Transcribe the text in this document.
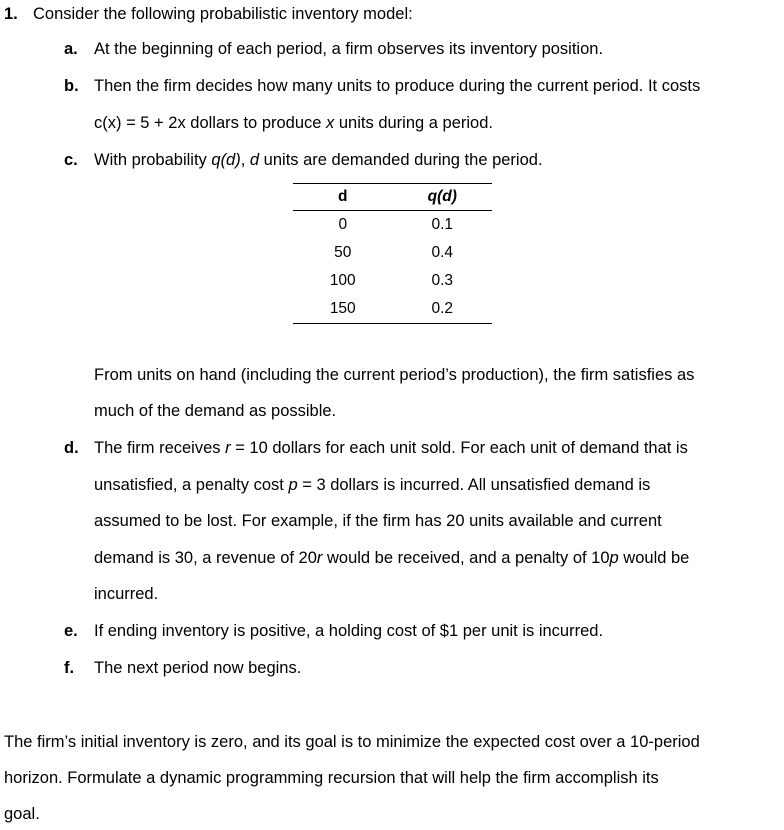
1. Consider the following probabilistic inventory model:
a. At the beginning of each period, a firm observes its inventory position.
b. Then the firm decides how many units to produce during the current period. It costs
c(x) = 5 + 2x dollars to produce x units during a period.
c. With probability q(d), d units are demanded during the period.
d	q(d)
0	0.1
50	0.4
100	0.3
150	0.2
From units on hand (including the current period’s production), the firm satisfies as
much of the demand as possible.
d. The firm receives r = 10 dollars for each unit sold. For each unit of demand that is
unsatisfied, a penalty cost p = 3 dollars is incurred. All unsatisfied demand is
assumed to be lost. For example, if the firm has 20 units available and current
demand is 30, a revenue of 20r would be received, and a penalty of 10p would be
incurred.
e. If ending inventory is positive, a holding cost of $1 per unit is incurred.
f. The next period now begins.
The firm’s initial inventory is zero, and its goal is to minimize the expected cost over a 10-period
horizon. Formulate a dynamic programming recursion that will help the firm accomplish its
goal.
